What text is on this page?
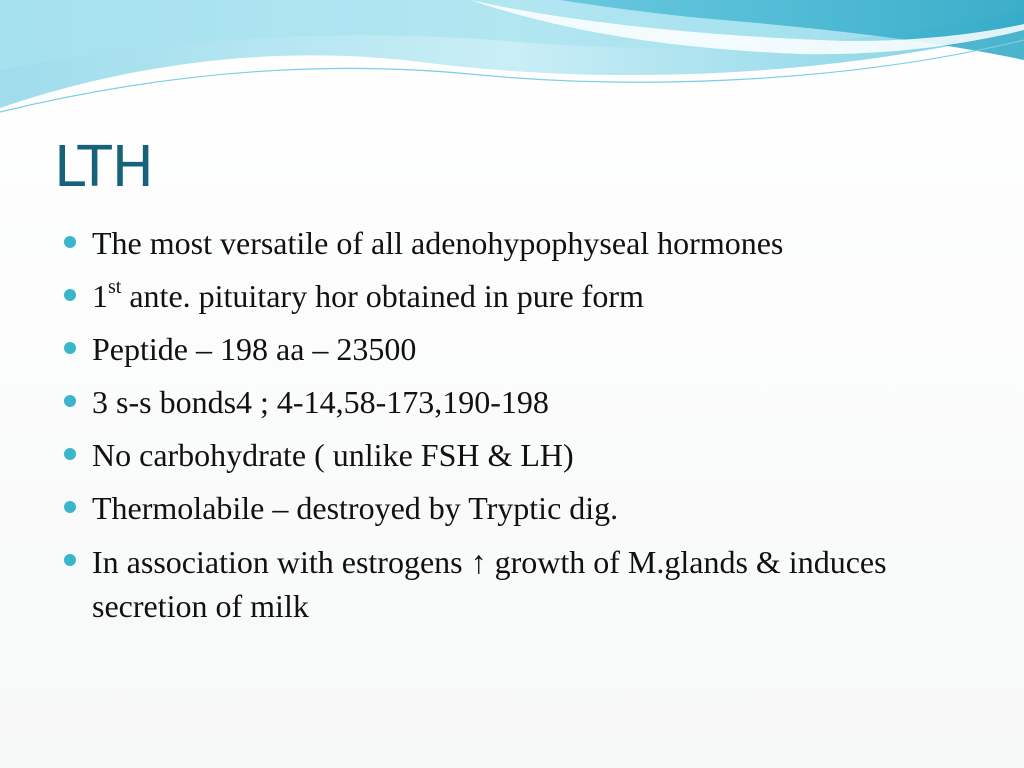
LTH
The most versatile of all adenohypophyseal hormones
1st ante. pituitary hor obtained in pure form
Peptide – 198 aa – 23500
3 s-s bonds4 ; 4-14,58-173,190-198
No carbohydrate ( unlike FSH & LH)
Thermolabile – destroyed by Tryptic dig.
In association with estrogens ↑ growth of M.glands & induces secretion of milk
